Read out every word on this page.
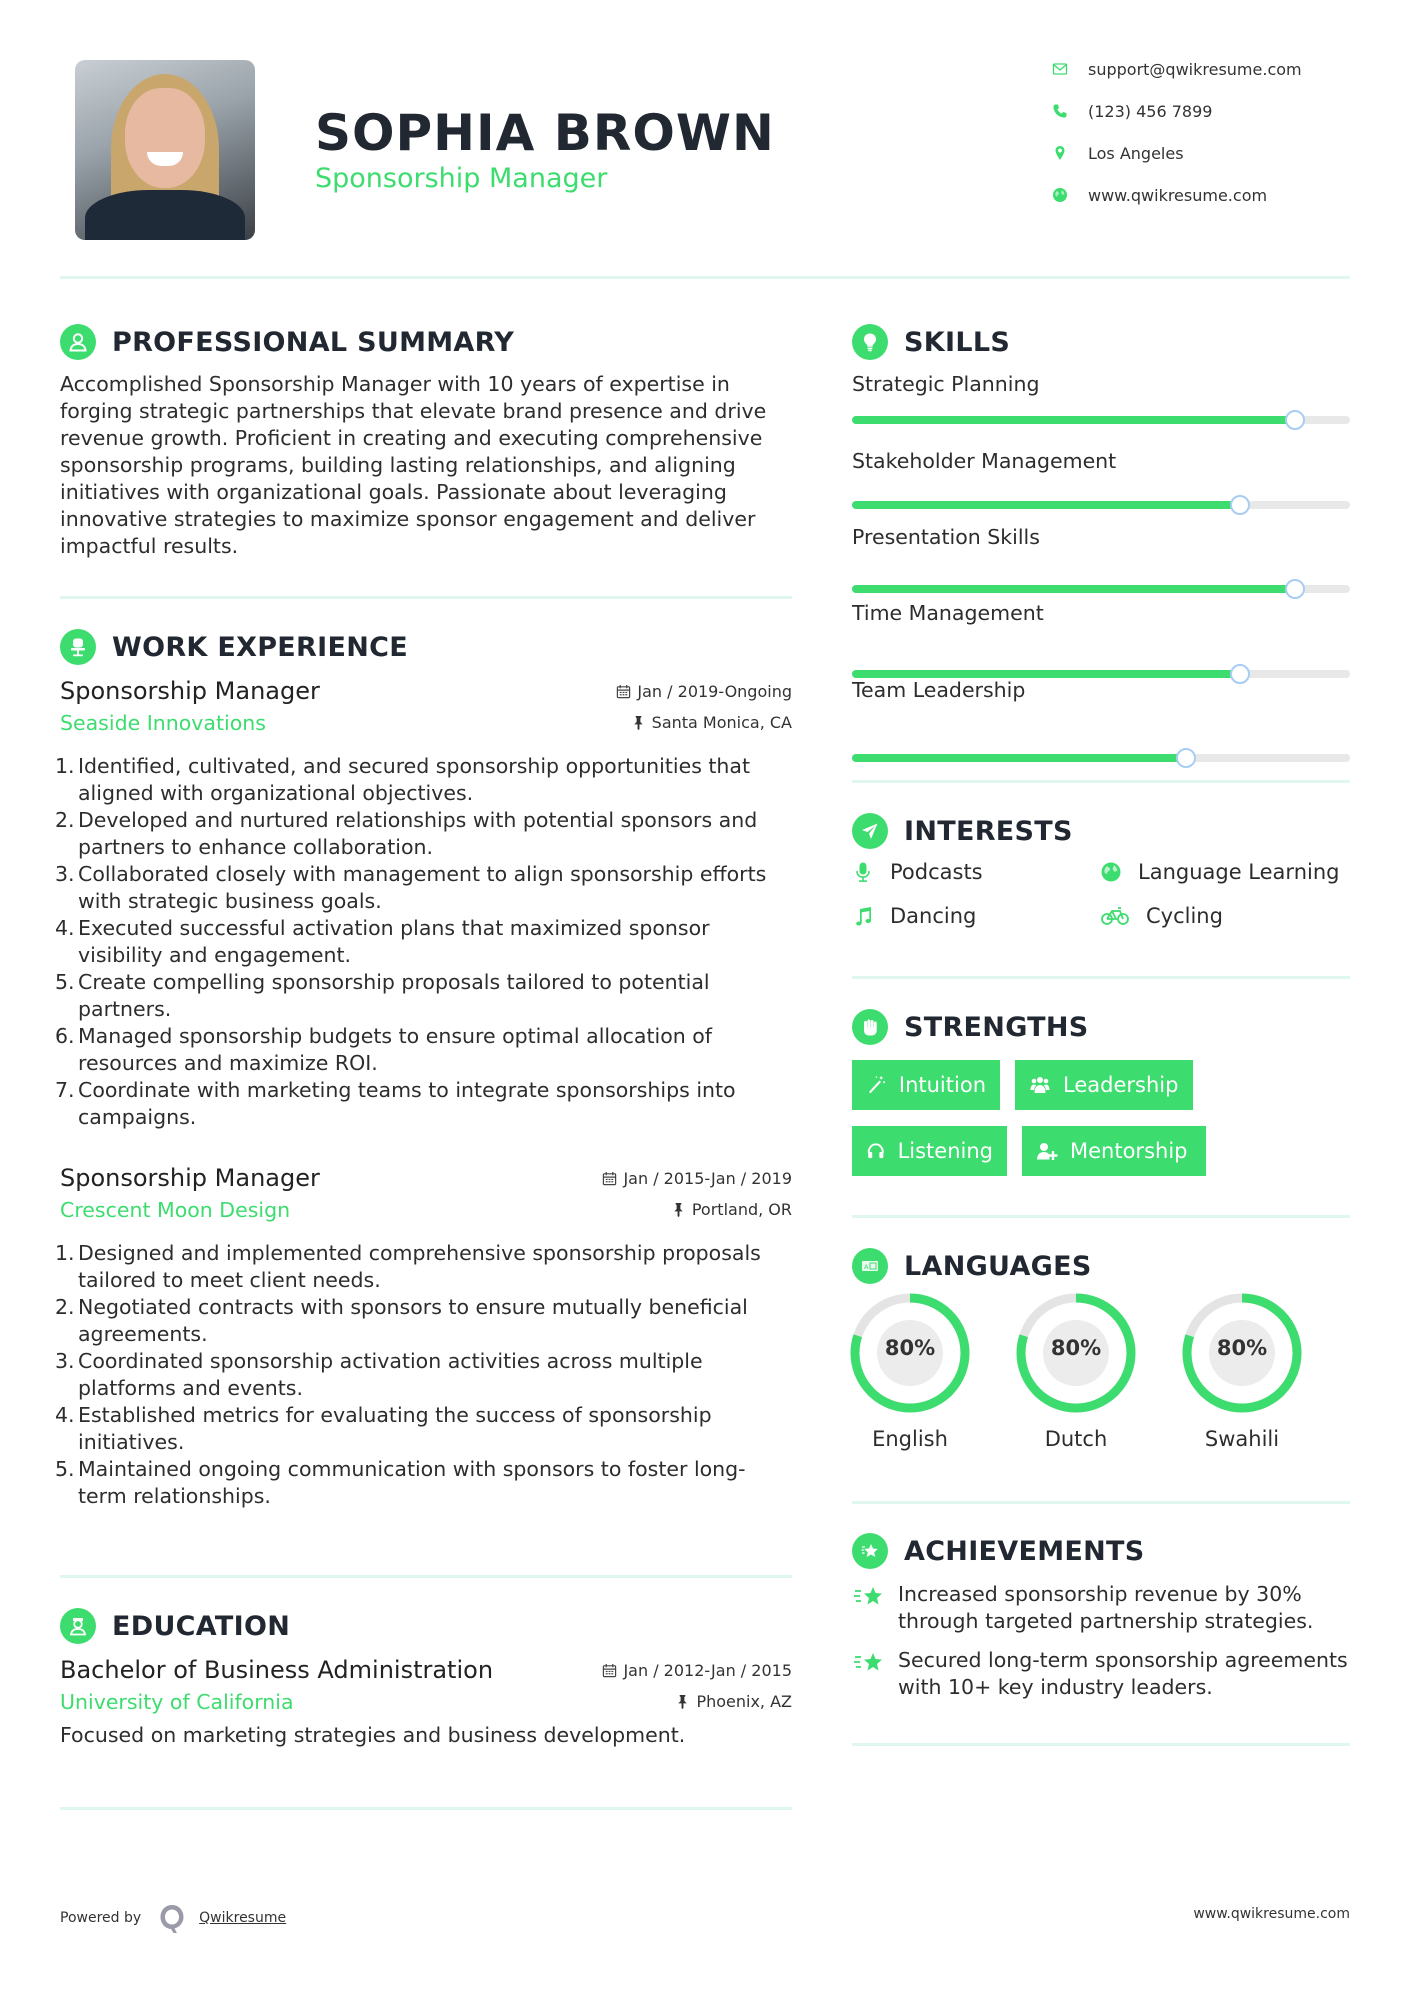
SOPHIA BROWN
Sponsorship Manager
support@qwikresume.com
(123) 456 7899
Los Angeles
www.qwikresume.com
PROFESSIONAL SUMMARY

Accomplished Sponsorship Manager with 10 years of expertise in forging strategic partnerships that elevate brand presence and drive revenue growth. Proficient in creating and executing comprehensive sponsorship programs, building lasting relationships, and aligning initiatives with organizational goals. Passionate about leveraging innovative strategies to maximize sponsor engagement and deliver impactful results.

WORK EXPERIENCE
Sponsorship Manager	Jan / 2019-Ongoing
Seaside Innovations	Santa Monica, CA
1. Identified, cultivated, and secured sponsorship opportunities that aligned with organizational objectives.
2. Developed and nurtured relationships with potential sponsors and partners to enhance collaboration.
3. Collaborated closely with management to align sponsorship efforts with strategic business goals.
4. Executed successful activation plans that maximized sponsor visibility and engagement.
5. Create compelling sponsorship proposals tailored to potential partners.
6. Managed sponsorship budgets to ensure optimal allocation of resources and maximize ROI.
7. Coordinate with marketing teams to integrate sponsorships into campaigns.
Sponsorship Manager	Jan / 2015-Jan / 2019
Crescent Moon Design	Portland, OR
1. Designed and implemented comprehensive sponsorship proposals tailored to meet client needs.
2. Negotiated contracts with sponsors to ensure mutually beneficial agreements.
3. Coordinated sponsorship activation activities across multiple platforms and events.
4. Established metrics for evaluating the success of sponsorship initiatives.
5. Maintained ongoing communication with sponsors to foster long-term relationships.
EDUCATION
Bachelor of Business Administration	Jan / 2012-Jan / 2015
University of California	Phoenix, AZ

Focused on marketing strategies and business development.

SKILLS
Strategic Planning
Stakeholder Management
Presentation Skills
Time Management
Team Leadership
INTERESTS
Podcasts	Language Learning
Dancing	Cycling
STRENGTHS
Intuition	Leadership
Listening	Mentorship
A LANGUAGES
80%
English
80%
Dutch
80%
Swahili
ACHIEVEMENTS
Increased sponsorship revenue by 30% through targeted partnership strategies.
Secured long-term sponsorship agreements with 10+ key industry leaders.
Powered by	Qwikresume	www.qwikresume.com
